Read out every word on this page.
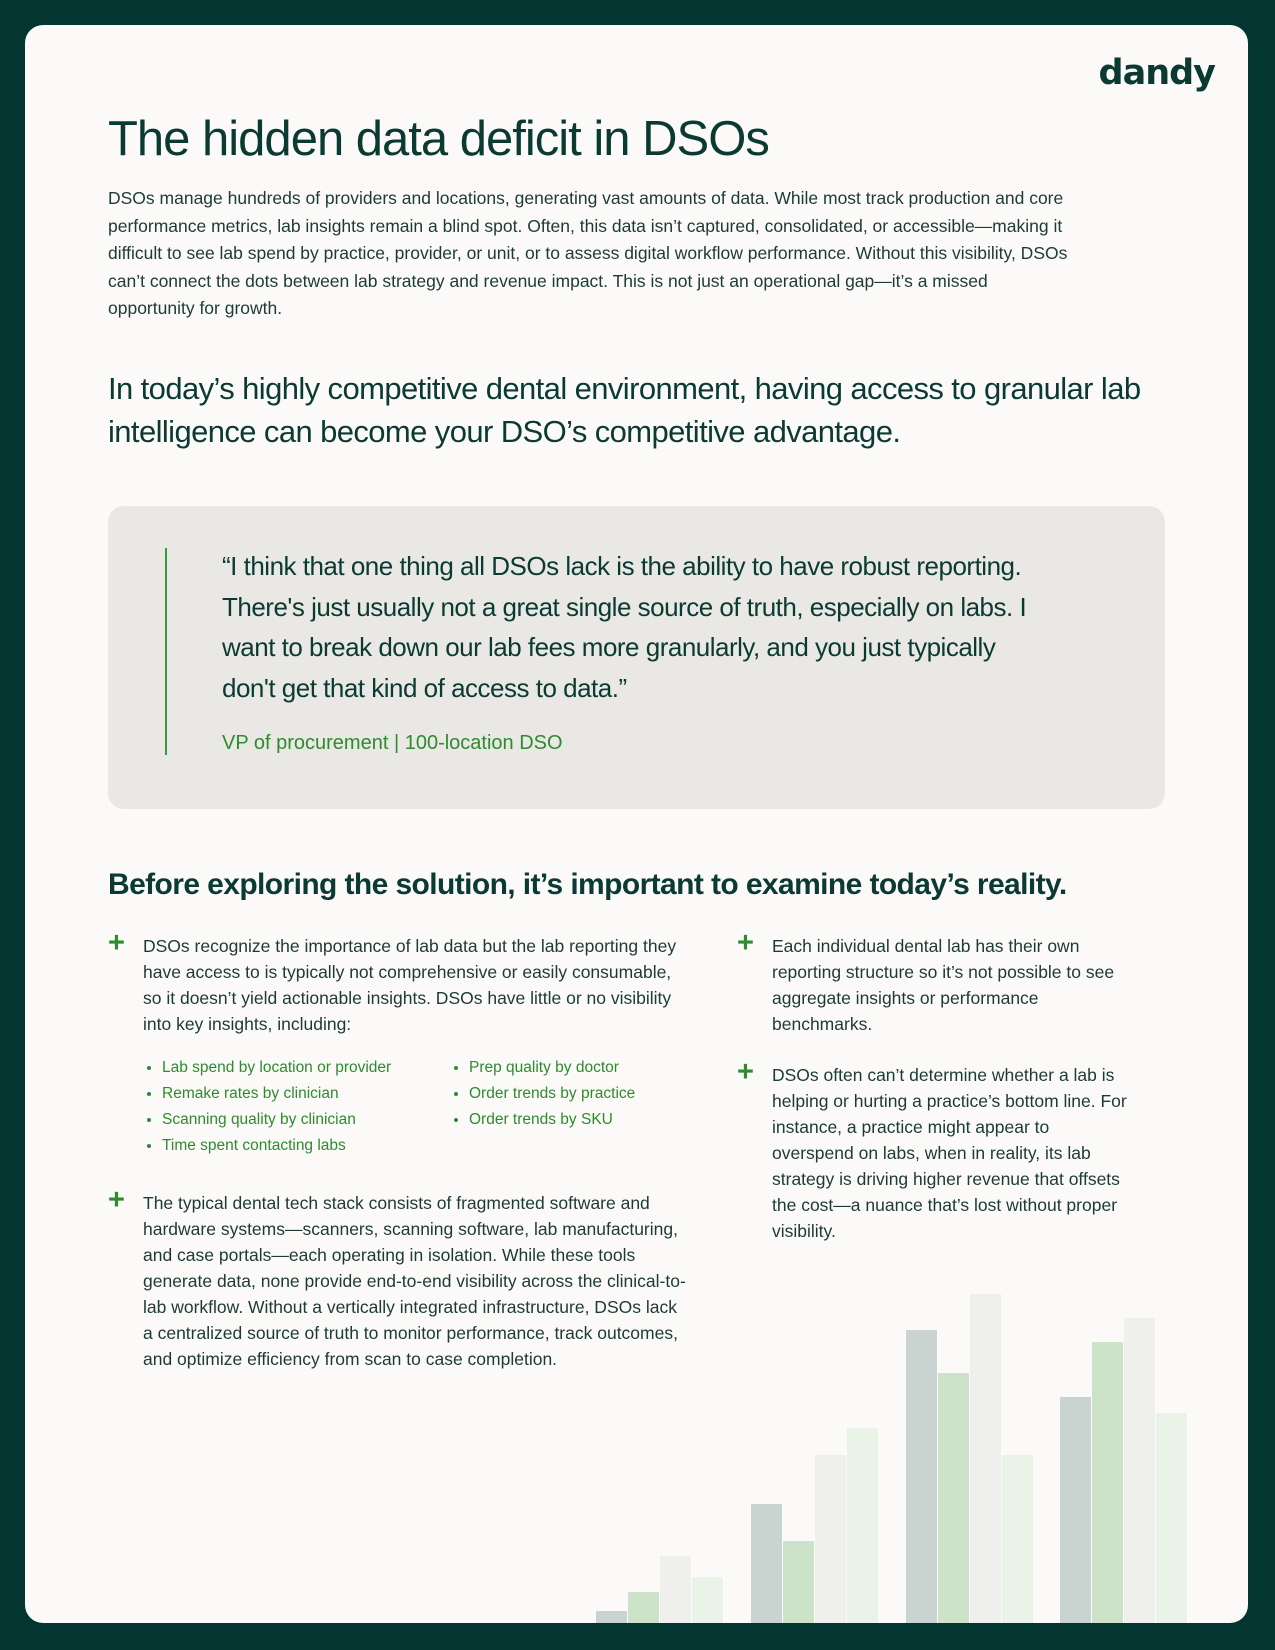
dandy
The hidden data deficit in DSOs

DSOs manage hundreds of providers and locations, generating vast amounts of data. While most track production and core performance metrics, lab insights remain a blind spot. Often, this data isn’t captured, consolidated, or accessible—making it difficult to see lab spend by practice, provider, or unit, or to assess digital workflow performance. Without this visibility, DSOs can’t connect the dots between lab strategy and revenue impact. This is not just an operational gap—it’s a missed opportunity for growth.

In today’s highly competitive dental environment, having access to granular lab intelligence can become your DSO’s competitive advantage.

“I think that one thing all DSOs lack is the ability to have robust reporting. There's just usually not a great single source of truth, especially on labs. I want to break down our lab fees more granularly, and you just typically don't get that kind of access to data.”

VP of procurement | 100-location DSO

Before exploring the solution, it’s important to examine today’s reality.
+ DSOs recognize the importance of lab data but the lab reporting they have access to is typically not comprehensive or easily consumable, so it doesn’t yield actionable insights. DSOs have little or no visibility into key insights, including:

Lab spend by location or provider
Remake rates by clinician
Scanning quality by clinician
Time spent contacting labs
Prep quality by doctor
Order trends by practice
Order trends by SKU
+ The typical dental tech stack consists of fragmented software and hardware systems—scanners, scanning software, lab manufacturing, and case portals—each operating in isolation. While these tools generate data, none provide end-to-end visibility across the clinical-to-lab workflow. Without a vertically integrated infrastructure, DSOs lack a centralized source of truth to monitor performance, track outcomes, and optimize efficiency from scan to case completion.

+ Each individual dental lab has their own reporting structure so it’s not possible to see aggregate insights or performance benchmarks.

+ DSOs often can’t determine whether a lab is helping or hurting a practice’s bottom line. For instance, a practice might appear to overspend on labs, when in reality, its lab strategy is driving higher revenue that offsets the cost—a nuance that’s lost without proper visibility.
